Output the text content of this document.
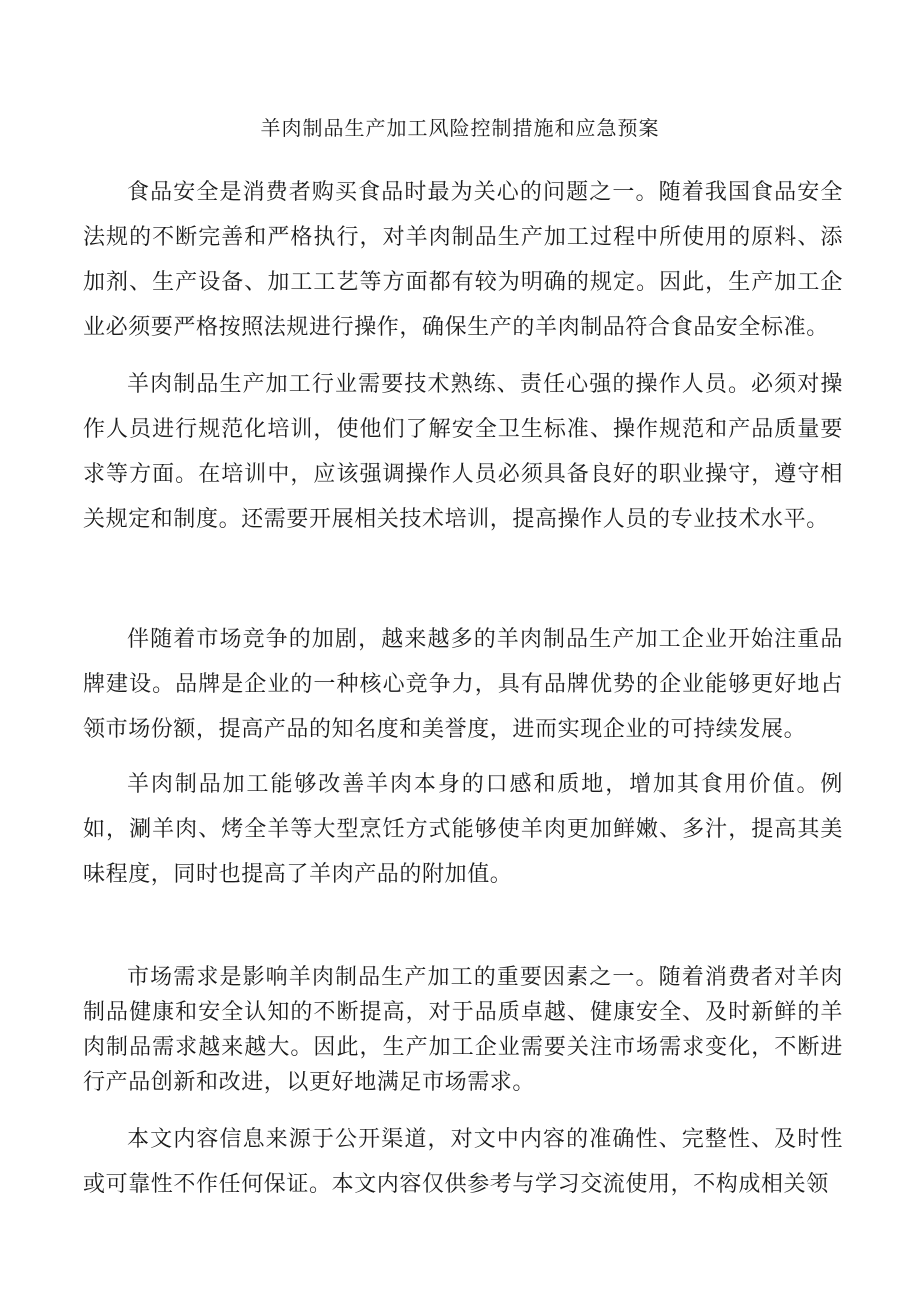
羊肉制品生产加工风险控制措施和应急预案

食品安全是消费者购买食品时最为关心的问题之一。随着我国食品安全法规的不断完善和严格执行，对羊肉制品生产加工过程中所使用的原料、添加剂、生产设备、加工工艺等方面都有较为明确的规定。因此，生产加工企业必须要严格按照法规进行操作，确保生产的羊肉制品符合食品安全标准。

羊肉制品生产加工行业需要技术熟练、责任心强的操作人员。必须对操作人员进行规范化培训，使他们了解安全卫生标准、操作规范和产品质量要求等方面。在培训中，应该强调操作人员必须具备良好的职业操守，遵守相关规定和制度。还需要开展相关技术培训，提高操作人员的专业技术水平。

伴随着市场竞争的加剧，越来越多的羊肉制品生产加工企业开始注重品牌建设。品牌是企业的一种核心竞争力，具有品牌优势的企业能够更好地占领市场份额，提高产品的知名度和美誉度，进而实现企业的可持续发展。

羊肉制品加工能够改善羊肉本身的口感和质地，增加其食用价值。例如，涮羊肉、烤全羊等大型烹饪方式能够使羊肉更加鲜嫩、多汁，提高其美味程度，同时也提高了羊肉产品的附加值。

市场需求是影响羊肉制品生产加工的重要因素之一。随着消费者对羊肉制品健康和安全认知的不断提高，对于品质卓越、健康安全、及时新鲜的羊肉制品需求越来越大。因此，生产加工企业需要关注市场需求变化，不断进行产品创新和改进，以更好地满足市场需求。

本文内容信息来源于公开渠道，对文中内容的准确性、完整性、及时性或可靠性不作任何保证。本文内容仅供参考与学习交流使用，不构成相关领
